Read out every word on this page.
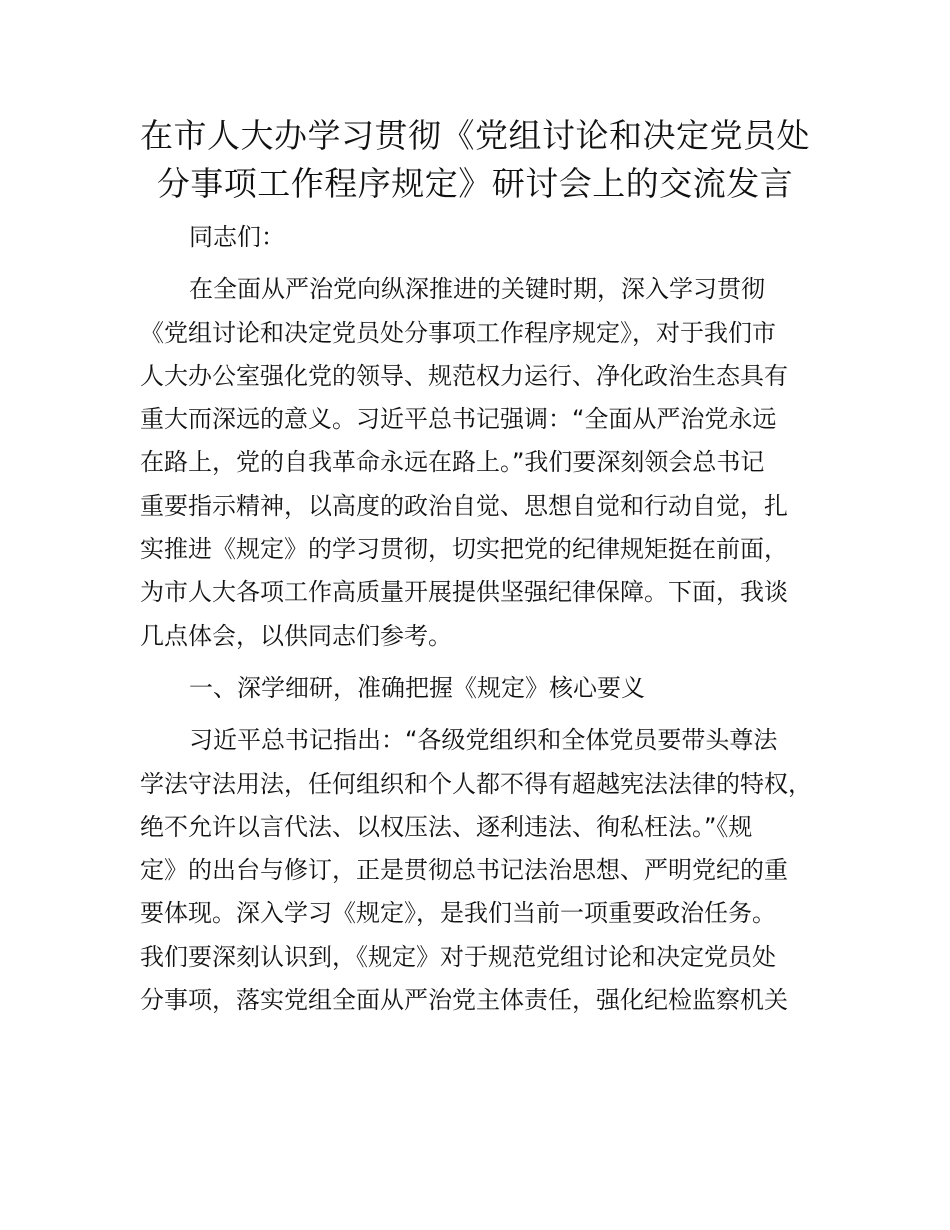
在市人大办学习贯彻《党组讨论和决定党员处
分事项工作程序规定》研讨会上的交流发言
同志们：
在全面从严治党向纵深推进的关键时期，深入学习贯彻
《党组讨论和决定党员处分事项工作程序规定》，对于我们市
人大办公室强化党的领导、规范权力运行、净化政治生态具有
重大而深远的意义。习近平总书记强调：“全面从严治党永远
在路上，党的自我革命永远在路上。”我们要深刻领会总书记
重要指示精神，以高度的政治自觉、思想自觉和行动自觉，扎
实推进《规定》的学习贯彻，切实把党的纪律规矩挺在前面，
为市人大各项工作高质量开展提供坚强纪律保障。下面，我谈
几点体会，以供同志们参考。
一、深学细研，准确把握《规定》核心要义
习近平总书记指出：“各级党组织和全体党员要带头尊法
学法守法用法，任何组织和个人都不得有超越宪法法律的特权，
绝不允许以言代法、以权压法、逐利违法、徇私枉法。”《规
定》的出台与修订，正是贯彻总书记法治思想、严明党纪的重
要体现。深入学习《规定》，是我们当前一项重要政治任务。
我们要深刻认识到，《规定》对于规范党组讨论和决定党员处
分事项，落实党组全面从严治党主体责任，强化纪检监察机关
